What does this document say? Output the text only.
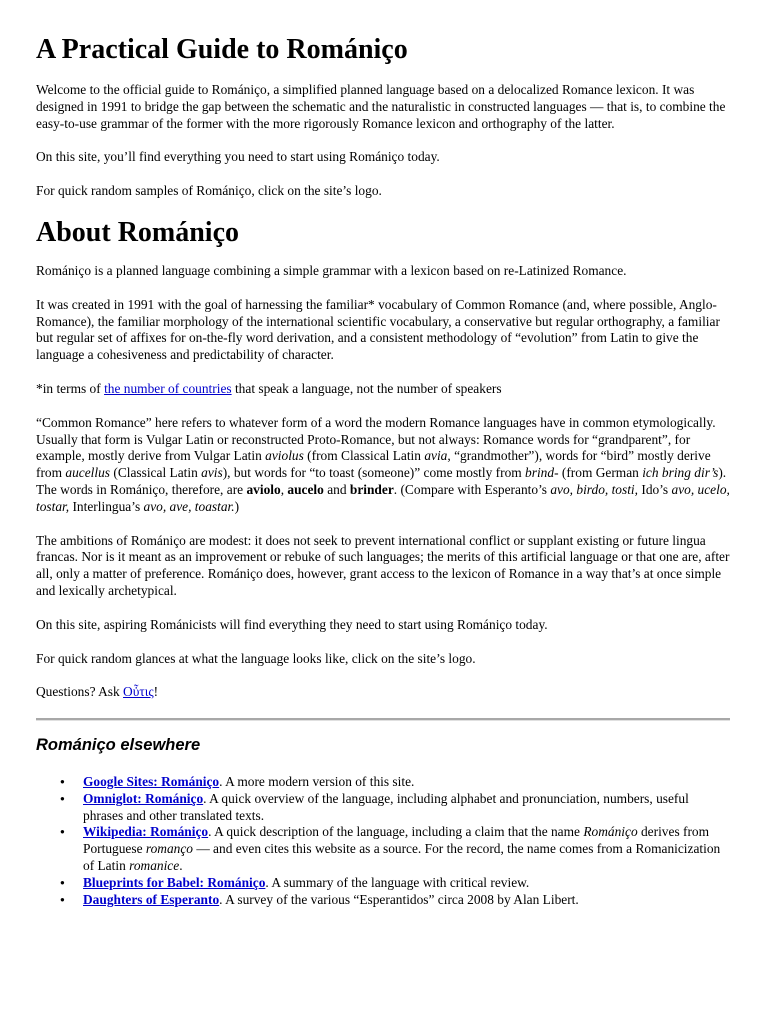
A Practical Guide to Romániço

Welcome to the official guide to Romániço, a simplified planned language based on a delocalized Romance lexicon. It was designed in 1991 to bridge the gap between the schematic and the naturalistic in constructed languages — that is, to combine the easy-to-use grammar of the former with the more rigorously Romance lexicon and orthography of the latter.

On this site, you’ll find everything you need to start using Romániço today.

For quick random samples of Romániço, click on the site’s logo.

About Romániço

Romániço is a planned language combining a simple grammar with a lexicon based on re-Latinized Romance.

It was created in 1991 with the goal of harnessing the familiar* vocabulary of Common Romance (and, where possible, Anglo-Romance), the familiar morphology of the international scientific vocabulary, a conservative but regular orthography, a familiar but regular set of affixes for on-the-fly word derivation, and a consistent methodology of “evolution” from Latin to give the language a cohesiveness and predictability of character.

*in terms of the number of countries that speak a language, not the number of speakers

“Common Romance” here refers to whatever form of a word the modern Romance languages have in common etymologically. Usually that form is Vulgar Latin or reconstructed Proto-Romance, but not always: Romance words for “grandparent”, for example, mostly derive from Vulgar Latin aviolus (from Classical Latin avia, “grandmother”), words for “bird” mostly derive from aucellus (Classical Latin avis), but words for “to toast (someone)” come mostly from brind- (from German ich bring dir’s). The words in Romániço, therefore, are aviolo, aucelo and brinder. (Compare with Esperanto’s avo, birdo, tosti, Ido’s avo, ucelo, tostar, Interlingua’s avo, ave, toastar.)

The ambitions of Romániço are modest: it does not seek to prevent international conflict or supplant existing or future lingua francas. Nor is it meant as an improvement or rebuke of such languages; the merits of this artificial language or that one are, after all, only a matter of preference. Romániço does, however, grant access to the lexicon of Romance in a way that’s at once simple and lexically archetypical.

On this site, aspiring Románicists will find everything they need to start using Romániço today.

For quick random glances at what the language looks like, click on the site’s logo.

Questions? Ask Οὖτις!

Romániço elsewhere
● Google Sites: Romániço. A more modern version of this site.
● Omniglot: Romániço. A quick overview of the language, including alphabet and pronunciation, numbers, useful phrases and other translated texts.
● Wikipedia: Romániço. A quick description of the language, including a claim that the name Romániço derives from Portuguese romanço — and even cites this website as a source. For the record, the name comes from a Romanicization of Latin romanice.
● Blueprints for Babel: Romániço. A summary of the language with critical review.
● Daughters of Esperanto. A survey of the various “Esperantidos” circa 2008 by Alan Libert.
